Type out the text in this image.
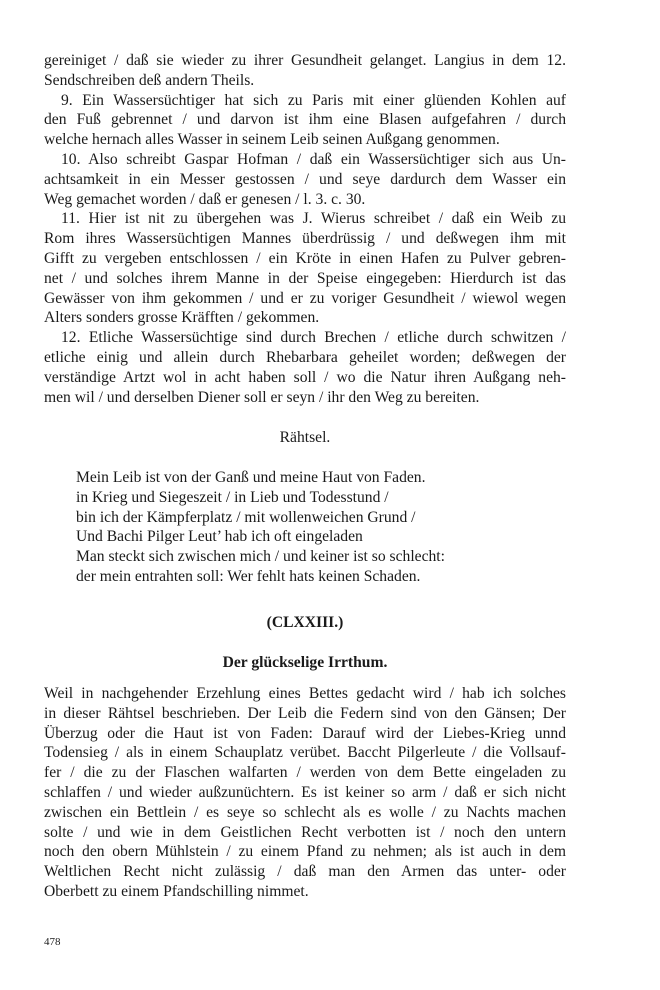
gereiniget / daß sie wieder zu ihrer Gesundheit gelanget. Langius in dem 12.
Sendschreiben deß andern Theils.
9. Ein Wassersüchtiger hat sich zu Paris mit einer glüenden Kohlen auf
den Fuß gebrennet / und darvon ist ihm eine Blasen aufgefahren / durch
welche hernach alles Wasser in seinem Leib seinen Außgang genommen.
10. Also schreibt Gaspar Hofman / daß ein Wassersüchtiger sich aus Un-
achtsamkeit in ein Messer gestossen / und seye dardurch dem Wasser ein
Weg gemachet worden / daß er genesen / l. 3. c. 30.
11. Hier ist nit zu übergehen was J. Wierus schreibet / daß ein Weib zu
Rom ihres Wassersüchtigen Mannes überdrüssig / und deßwegen ihm mit
Gifft zu vergeben entschlossen / ein Kröte in einen Hafen zu Pulver gebren-
net / und solches ihrem Manne in der Speise eingegeben: Hierdurch ist das
Gewässer von ihm gekommen / und er zu voriger Gesundheit / wiewol wegen
Alters sonders grosse Kräfften / gekommen.
12. Etliche Wassersüchtige sind durch Brechen / etliche durch schwitzen /
etliche einig und allein durch Rhebarbara geheilet worden; deßwegen der
verständige Artzt wol in acht haben soll / wo die Natur ihren Außgang neh-
men wil / und derselben Diener soll er seyn / ihr den Weg zu bereiten.
Rähtsel.
Mein Leib ist von der Ganß und meine Haut von Faden.
in Krieg und Siegeszeit / in Lieb und Todesstund /
bin ich der Kämpferplatz / mit wollenweichen Grund /
Und Bachi Pilger Leut’ hab ich oft eingeladen
Man steckt sich zwischen mich / und keiner ist so schlecht:
der mein entrahten soll: Wer fehlt hats keinen Schaden.
(CLXXIII.)
Der glückselige Irrthum.
Weil in nachgehender Erzehlung eines Bettes gedacht wird / hab ich solches
in dieser Rähtsel beschrieben. Der Leib die Federn sind von den Gänsen; Der
Überzug oder die Haut ist von Faden: Darauf wird der Liebes-Krieg unnd
Todensieg / als in einem Schauplatz verübet. Baccht Pilgerleute / die Vollsauf-
fer / die zu der Flaschen walfarten / werden von dem Bette eingeladen zu
schlaffen / und wieder außzunüchtern. Es ist keiner so arm / daß er sich nicht
zwischen ein Bettlein / es seye so schlecht als es wolle / zu Nachts machen
solte / und wie in dem Geistlichen Recht verbotten ist / noch den untern
noch den obern Mühlstein / zu einem Pfand zu nehmen; als ist auch in dem
Weltlichen Recht nicht zulässig / daß man den Armen das unter- oder
Oberbett zu einem Pfandschilling nimmet.
478
